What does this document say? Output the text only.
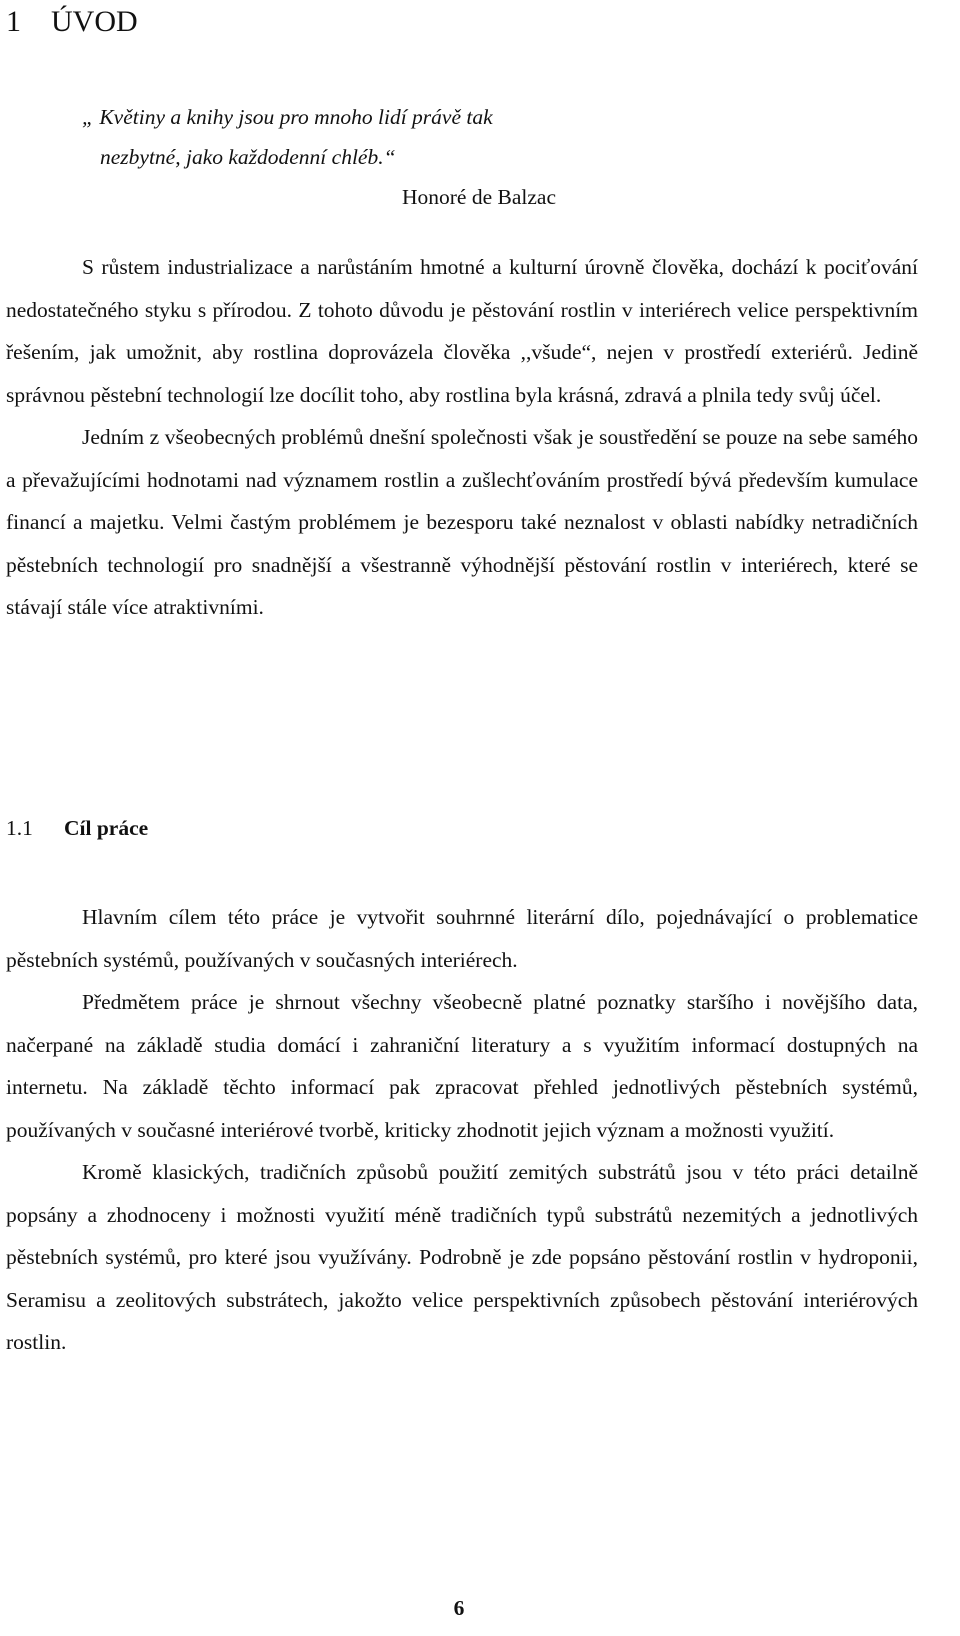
1 ÚVOD
„ Květiny a knihy jsou pro mnoho lidí právě tak
nezbytné, jako každodenní chléb.“
Honoré de Balzac

S růstem industrializace a narůstáním hmotné a kulturní úrovně člověka, dochází k pociťování nedostatečného styku s přírodou. Z tohoto důvodu je pěstování rostlin v interiérech velice perspektivním řešením, jak umožnit, aby rostlina doprovázela člověka ,,všude“, nejen v prostředí exteriérů. Jedině správnou pěstební technologií lze docílit toho, aby rostlina byla krásná, zdravá a plnila tedy svůj účel.

Jedním z všeobecných problémů dnešní společnosti však je soustředění se pouze na sebe samého a převažujícími hodnotami nad významem rostlin a zušlechťováním prostředí bývá především kumulace financí a majetku. Velmi častým problémem je bezesporu také neznalost v oblasti nabídky netradičních pěstebních technologií pro snadnější a všestranně výhodnější pěstování rostlin v interiérech, které se stávají stále více atraktivními.

1.1 Cíl práce

Hlavním cílem této práce je vytvořit souhrnné literární dílo, pojednávající o problematice pěstebních systémů, používaných v současných interiérech.

Předmětem práce je shrnout všechny všeobecně platné poznatky staršího i novějšího data, načerpané na základě studia domácí i zahraniční literatury a s využitím informací dostupných na internetu. Na základě těchto informací pak zpracovat přehled jednotlivých pěstebních systémů, používaných v současné interiérové tvorbě, kriticky zhodnotit jejich význam a možnosti využití.

Kromě klasických, tradičních způsobů použití zemitých substrátů jsou v této práci detailně popsány a zhodnoceny i možnosti využití méně tradičních typů substrátů nezemitých a jednotlivých pěstebních systémů, pro které jsou využívány. Podrobně je zde popsáno pěstování rostlin v hydroponii, Seramisu a zeolitových substrátech, jakožto velice perspektivních způsobech pěstování interiérových rostlin.

6
